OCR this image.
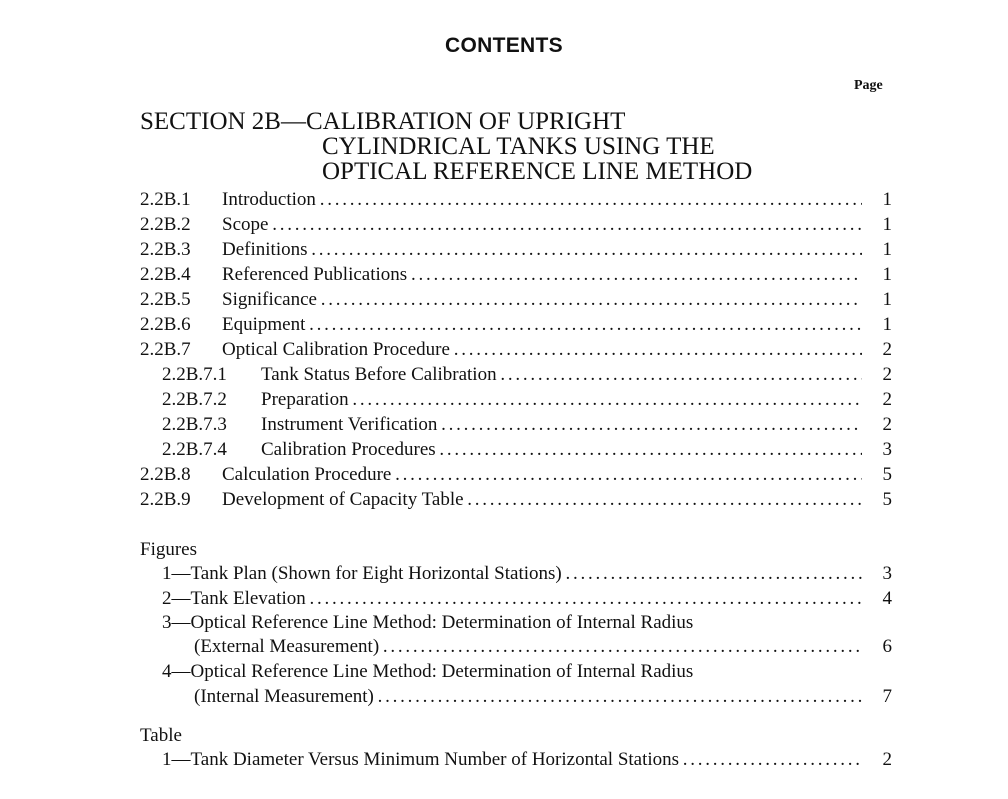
CONTENTS
Page
SECTION 2B—CALIBRATION OF UPRIGHT
CYLINDRICAL TANKS USING THE
OPTICAL REFERENCE LINE METHOD
2.2B.1 Introduction . . .	1
2.2B.2 Scope . . .	1
2.2B.3 Definitions . . .	1
2.2B.4 Referenced Publications . . .	1
2.2B.5 Significance . . .	1
2.2B.6 Equipment . . .	1
2.2B.7 Optical Calibration Procedure . . .	2
2.2B.7.1 Tank Status Before Calibration . . .	2
2.2B.7.2 Preparation . . .	2
2.2B.7.3 Instrument Verification . . .	2
2.2B.7.4 Calibration Procedures . . .	3
2.2B.8 Calculation Procedure . . .	5
2.2B.9 Development of Capacity Table . . .	5
Figures
1—Tank Plan (Shown for Eight Horizontal Stations) . . .	3
2—Tank Elevation . . .	4
3—Optical Reference Line Method: Determination of Internal Radius
(External Measurement) . . .	6
4—Optical Reference Line Method: Determination of Internal Radius
(Internal Measurement) . . .	7
Table
1—Tank Diameter Versus Minimum Number of Horizontal Stations . . .	2
